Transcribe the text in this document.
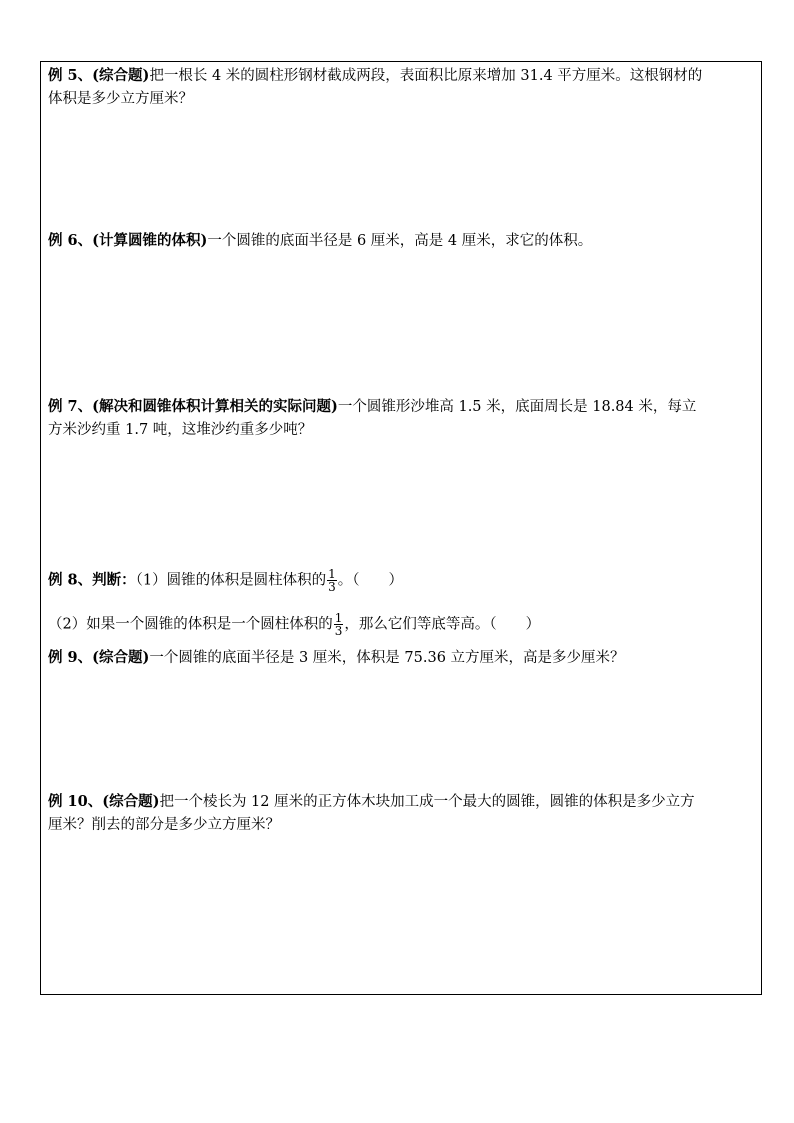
例 5、(综合题)把一根长 4 米的圆柱形钢材截成两段，表面积比原来增加 31.4 平方厘米。这根钢材的
体积是多少立方厘米？
例 6、(计算圆锥的体积)一个圆锥的底面半径是 6 厘米，高是 4 厘米，求它的体积。
例 7、(解决和圆锥体积计算相关的实际问题)一个圆锥形沙堆高 1.5 米，底面周长是 18.84 米，每立
方米沙约重 1.7 吨，这堆沙约重多少吨？
例 8、判断：（1）圆锥的体积是圆柱体积的 $\frac{1}{3}$ 。（　　）
（2）如果一个圆锥的体积是一个圆柱体积的 $\frac{1}{3}$ ，那么它们等底等高。（　　）
例 9、(综合题)一个圆锥的底面半径是 3 厘米，体积是 75.36 立方厘米，高是多少厘米？
例 10、(综合题)把一个棱长为 12 厘米的正方体木块加工成一个最大的圆锥，圆锥的体积是多少立方
厘米？削去的部分是多少立方厘米？
